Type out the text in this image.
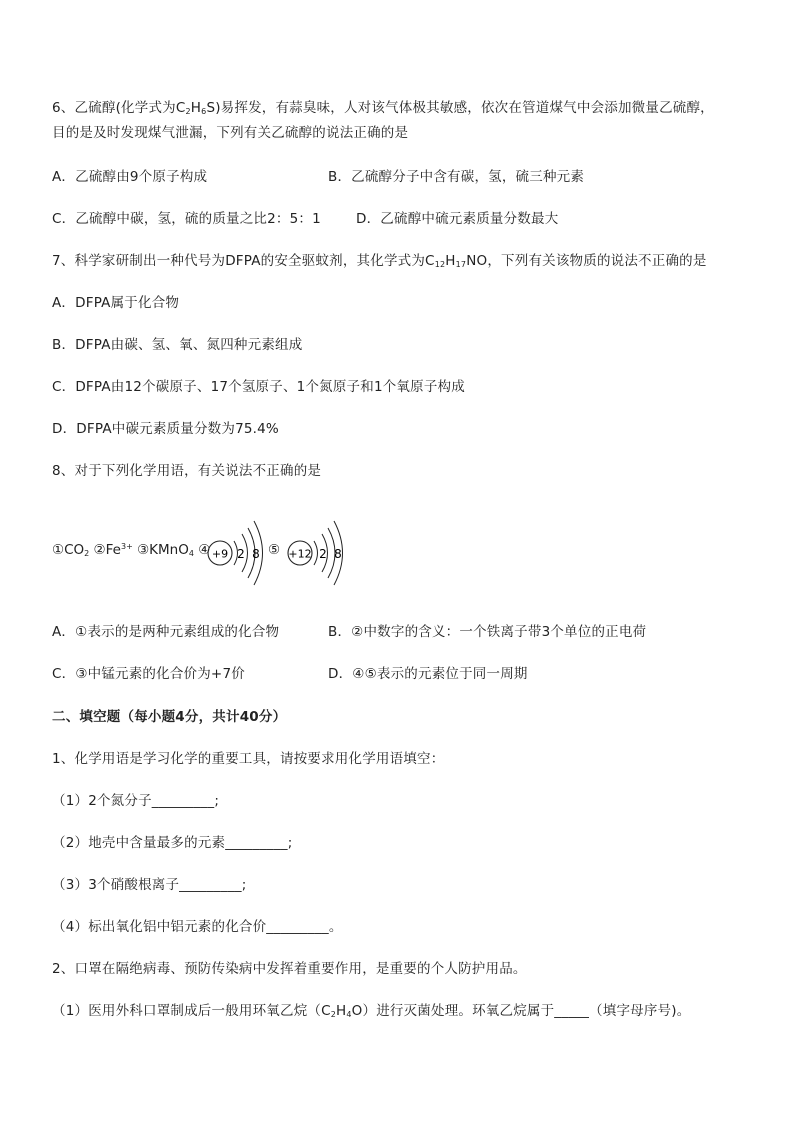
6、乙硫醇(化学式为$C_2H_6S$)易挥发，有蒜臭味，人对该气体极其敏感，依次在管道煤气中会添加微量乙硫醇，
目的是及时发现煤气泄漏，下列有关乙硫醇的说法正确的是
A．乙硫醇由9个原子构成	B．乙硫醇分子中含有碳，氢，硫三种元素
C．乙硫醇中碳，氢，硫的质量之比2：5：1	D．乙硫醇中硫元素质量分数最大
7、科学家研制出一种代号为DFPA的安全驱蚊剂，其化学式为$C_{12}H_{17}NO$，下列有关该物质的说法不正确的是
A．DFPA属于化合物
B．DFPA由碳、氢、氧、氮四种元素组成
C．DFPA由12个碳原子、17个氢原子、1个氮原子和1个氧原子构成
D．DFPA中碳元素质量分数为75.4%
8、对于下列化学用语，有关说法不正确的是
$①CO_2$ $②Fe^{3+}$ ③KMnO$_4$ ④ +9 2 8 ⑤ +12 2 8
A．①表示的是两种元素组成的化合物	B．②中数字的含义：一个铁离子带3个单位的正电荷
C．③中锰元素的化合价为+7价	D．④⑤表示的元素位于同一周期
二、填空题（每小题4分，共计40分）
1、化学用语是学习化学的重要工具，请按要求用化学用语填空：
（1）2个氮分子_________;
（2）地壳中含量最多的元素_________;
（3）3个硝酸根离子_________;
（4）标出氧化铝中铝元素的化合价_________。
2、口罩在隔绝病毒、预防传染病中发挥着重要作用，是重要的个人防护用品。
（1）医用外科口罩制成后一般用环氧乙烷$(C_2H_4O)$进行灭菌处理。环氧乙烷属于_____（填字母序号)。
